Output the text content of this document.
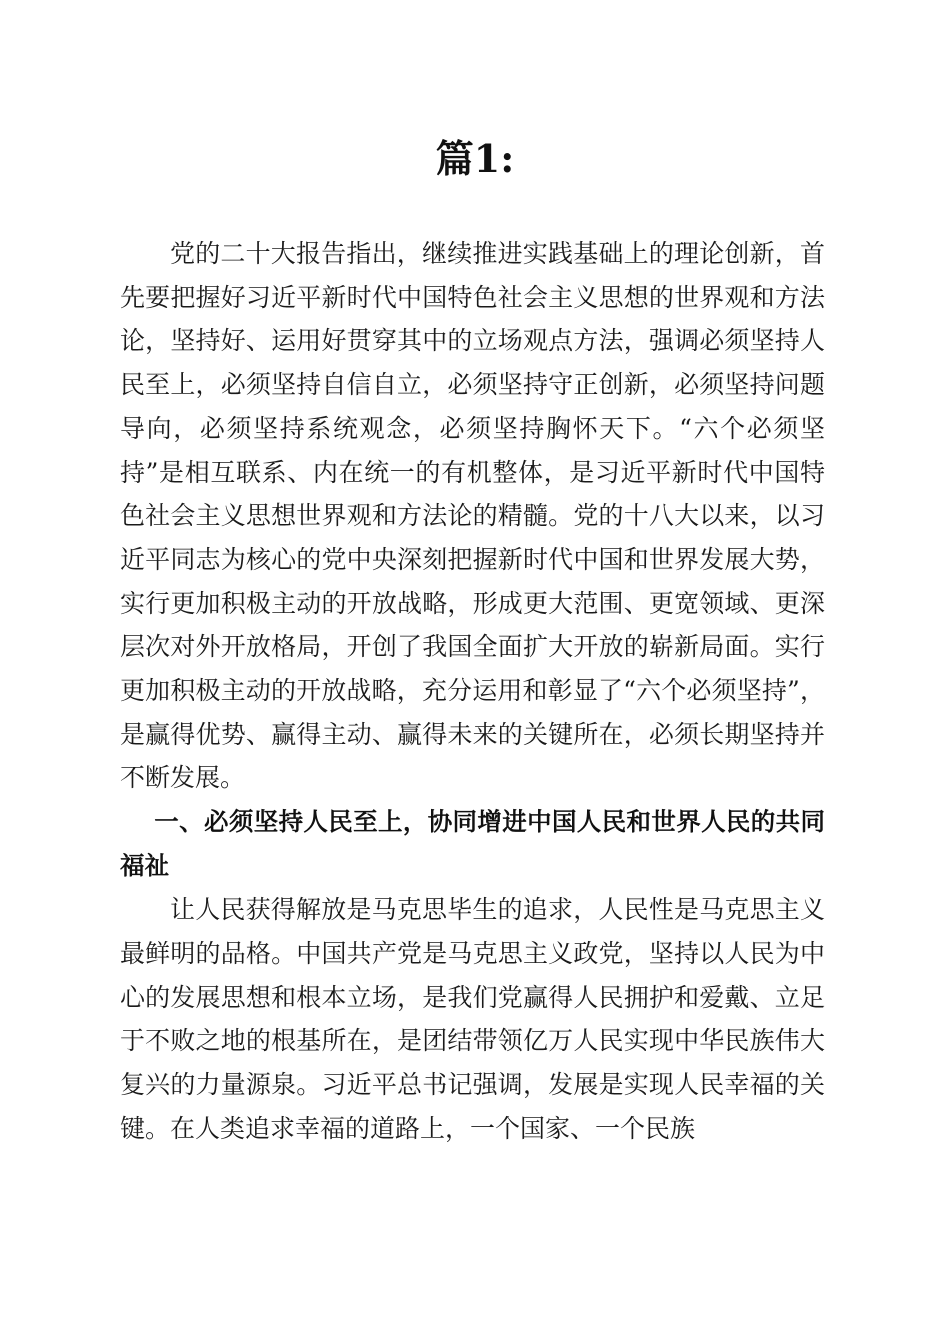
篇1:

党的二十大报告指出，继续推进实践基础上的理论创新，首先要把握好习近平新时代中国特色社会主义思想的世界观和方法论，坚持好、运用好贯穿其中的立场观点方法，强调必须坚持人民至上，必须坚持自信自立，必须坚持守正创新，必须坚持问题导向，必须坚持系统观念，必须坚持胸怀天下。“六个必须坚持”是相互联系、内在统一的有机整体，是习近平新时代中国特色社会主义思想世界观和方法论的精髓。党的十八大以来，以习近平同志为核心的党中央深刻把握新时代中国和世界发展大势，实行更加积极主动的开放战略，形成更大范围、更宽领域、更深层次对外开放格局，开创了我国全面扩大开放的崭新局面。实行更加积极主动的开放战略，充分运用和彰显了“六个必须坚持”，是赢得优势、赢得主动、赢得未来的关键所在，必须长期坚持并不断发展。

一、必须坚持人民至上，协同增进中国人民和世界人民的共同福祉

让人民获得解放是马克思毕生的追求，人民性是马克思主义最鲜明的品格。中国共产党是马克思主义政党，坚持以人民为中心的发展思想和根本立场，是我们党赢得人民拥护和爱戴、立足于不败之地的根基所在，是团结带领亿万人民实现中华民族伟大复兴的力量源泉。习近平总书记强调，发展是实现人民幸福的关键。在人类追求幸福的道路上，一个国家、一个民族
